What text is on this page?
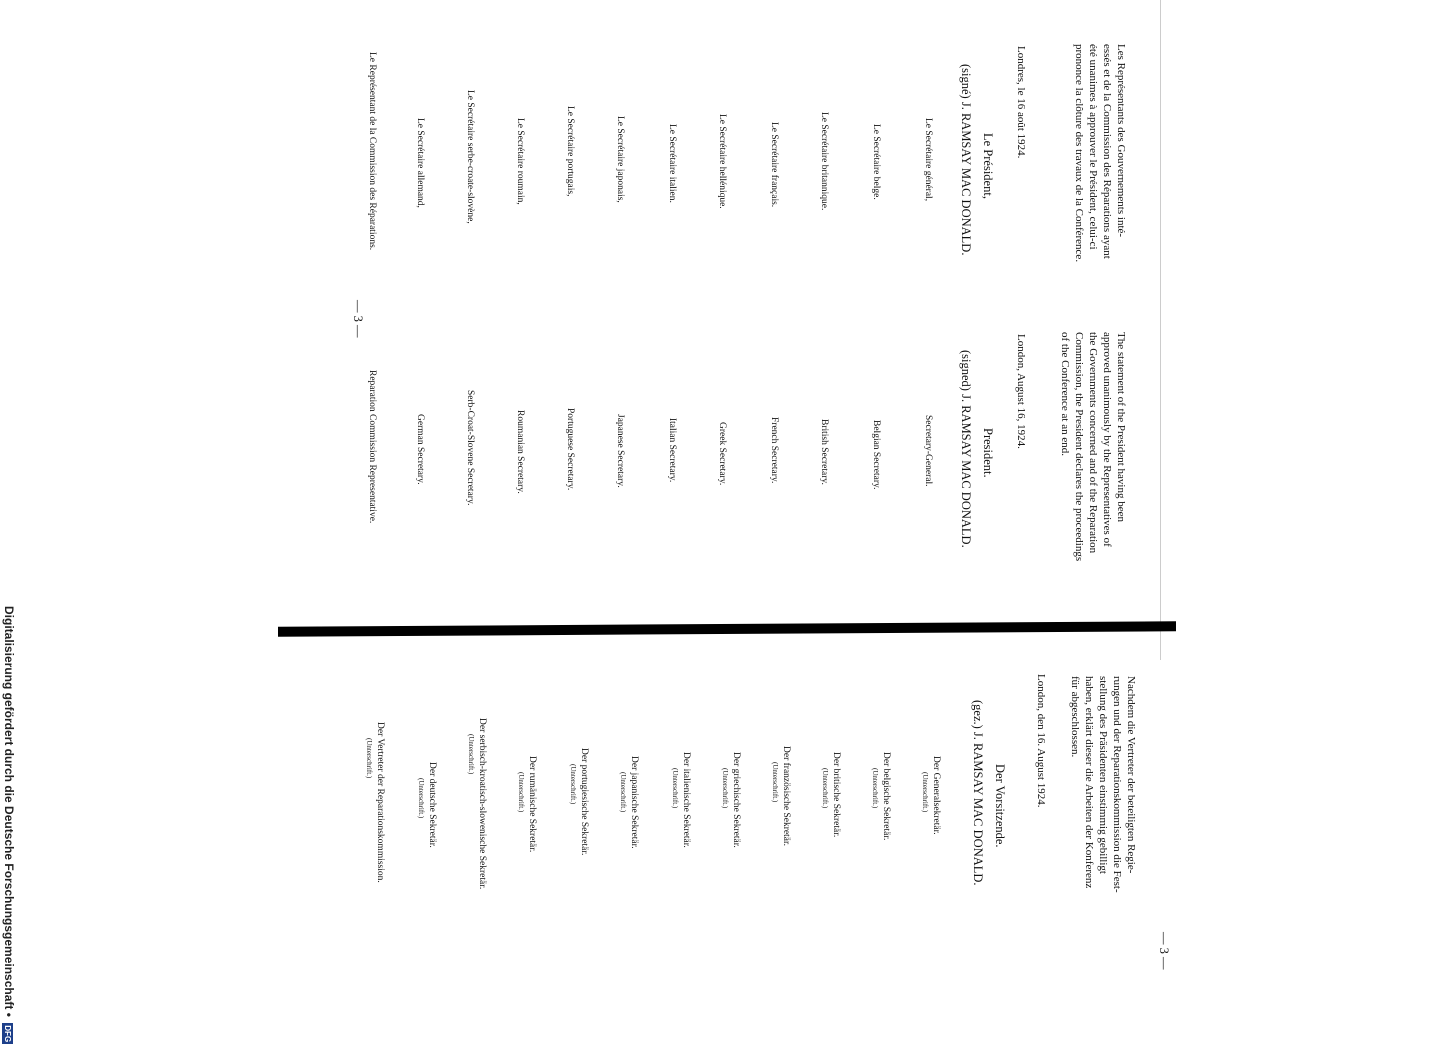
— 3 —
— 3 —
Les Représentants des Gouvernements inté-
essés et de la Commission des Réparations ayant
été unanimes à approuver le Président, celui-ci
prononce la clôture des travaux de la Conférence.
Londres, le 16 août 1924.
Le Président,
(signé) J. RAMSAY MAC DONALD.
Le Secrétaire général,
Le Secrétaire belge.
Le Secrétaire britannique.
Le Secrétaire français.
Le Secrétaire hellénique.
Le Secrétaire italien.
Le Secrétaire japonais,
Le Secrétaire portugais,
Le Secrétaire roumain,
Le Secrétaire serbe-croate-slovène,
Le Secrétaire allemand,
Le Représentant de la Commission des Réparations.
The statement of the President having been
approved unanimously by the Representatives of
the Governments concerned and of the Reparation
Commission, the President declares the proceedings
of the Conference at an end.
London, August 16, 1924.
President.
(signed) J. RAMSAY MAC DONALD.
Secretary-General.
Belgian Secretary.
British Secretary.
French Secretary.
Greek Secretary.
Italian Secretary.
Japanese Secretary.
Portuguese Secretary.
Roumanian Secretary.
Serb-Croat-Slovene Secretary.
German Secretary.
Reparation Commission Representative.
Nachdem die Vertreter der beteiligten Regie-
rungen und der Reparationskommission die Fest-
stellung des Präsidenten einstimmig gebilligt
haben, erklärt dieser die Arbeiten der Konferenz
für abgeschlossen.
London, den 16. August 1924.
Der Vorsitzende.
(gez.) J. RAMSAY MAC DONALD.
Der Generalsekretär.
(Unterschrift.)
Der belgische Sekretär.
(Unterschrift.)
Der britische Sekretär.
(Unterschrift.)
Der französische Sekretär.
(Unterschrift.)
Der griechische Sekretär.
(Unterschrift.)
Der italienische Sekretär.
(Unterschrift.)
Der japanische Sekretär.
(Unterschrift.)
Der portugiesische Sekretär.
(Unterschrift.)
Der rumänische Sekretär.
(Unterschrift.)
Der serbisch-kroatisch-slowenische Sekretär.
(Unterschrift.)
Der deutsche Sekretär.
(Unterschrift.)
Der Vertreter der Reparationskommission.
(Unterschrift.)
Digitalisierung gefördert durch die Deutsche Forschungsgemeinschaft • DFG
